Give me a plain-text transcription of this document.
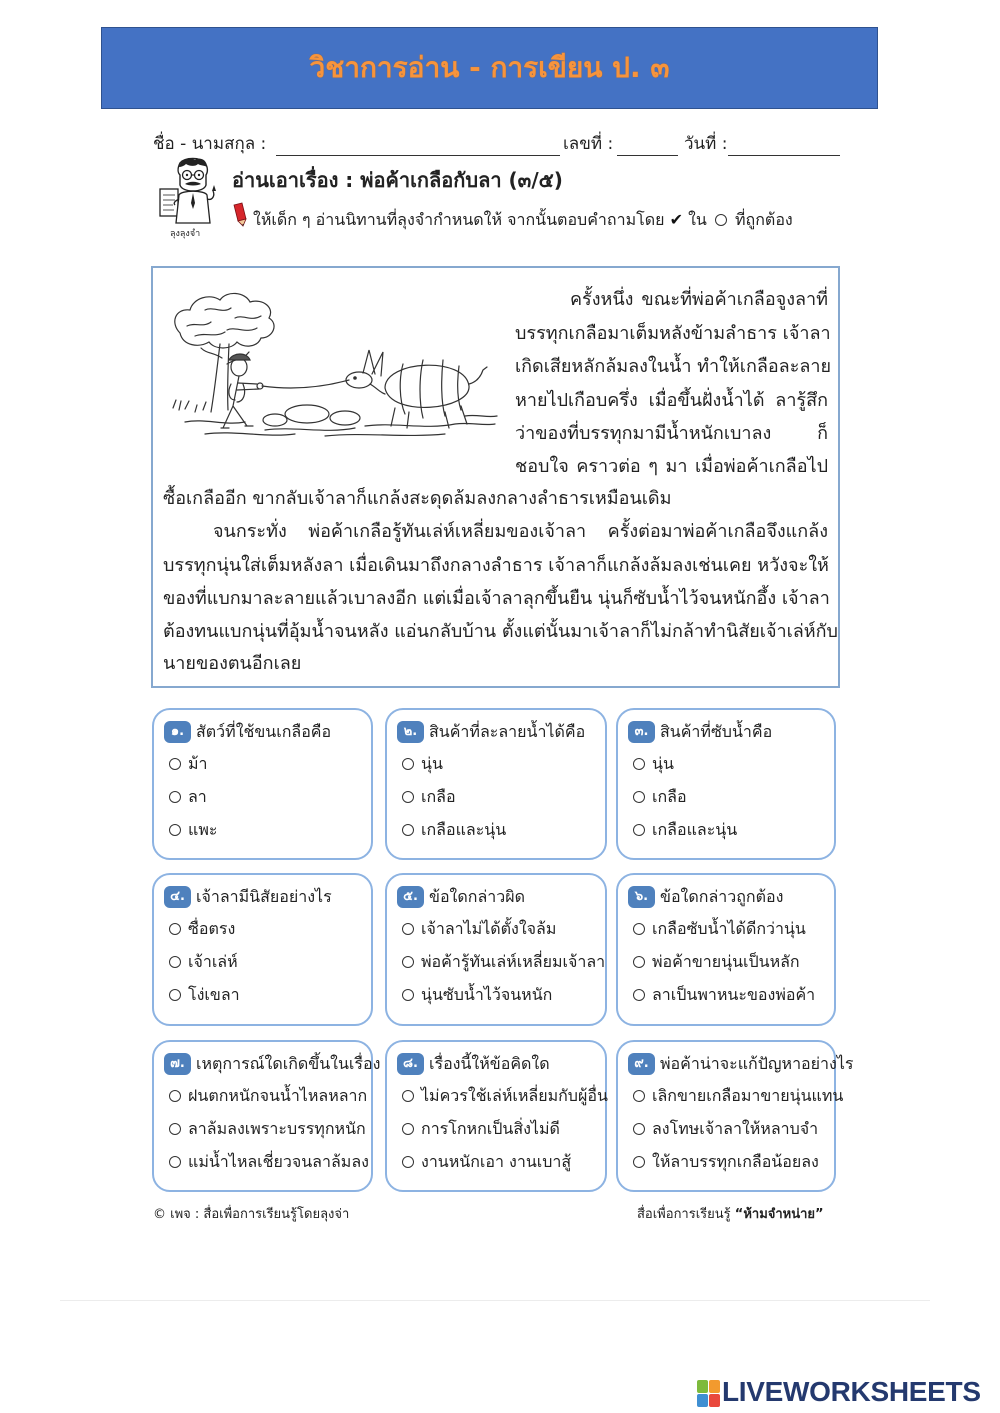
วิชาการอ่าน - การเขียน ป. ๓
ชื่อ - นามสกุล :	เลขที่ :	วันที่ :
ลุงลุงจำ
อ่านเอาเรื่อง : พ่อค้าเกลือกับลา (๓/๕)
ให้เด็ก ๆ อ่านนิทานที่ลุงจำกำหนดให้ จากนั้นตอบคำถามโดย ✔ ใน ที่ถูกต้อง
ครั้งหนึ่ง ขณะที่พ่อค้าเกลือจูงลาที่
บรรทุกเกลือมาเต็มหลังข้ามลำธาร เจ้าลา
เกิดเสียหลักล้มลงในน้ำ ทำให้เกลือละลาย
หายไปเกือบครึ่ง เมื่อขึ้นฝั่งน้ำได้ ลารู้สึก
ว่าของที่บรรทุกมามีน้ำหนักเบาลง ก็
ชอบใจ คราวต่อ ๆ มา เมื่อพ่อค้าเกลือไป
ซื้อเกลืออีก ขากลับเจ้าลาก็แกล้งสะดุดล้มลงกลางลำธารเหมือนเดิม
จนกระทั่ง พ่อค้าเกลือรู้ทันเล่ห์เหลี่ยมของเจ้าลา ครั้งต่อมาพ่อค้าเกลือจึงแกล้ง
บรรทุกนุ่นใส่เต็มหลังลา เมื่อเดินมาถึงกลางลำธาร เจ้าลาก็แกล้งล้มลงเช่นเคย หวังจะให้
ของที่แบกมาละลายแล้วเบาลงอีก แต่เมื่อเจ้าลาลุกขึ้นยืน นุ่นก็ซับน้ำไว้จนหนักอึ้ง เจ้าลา
ต้องทนแบกนุ่นที่อุ้มน้ำจนหลัง แอ่นกลับบ้าน ตั้งแต่นั้นมาเจ้าลาก็ไม่กล้าทำนิสัยเจ้าเล่ห์กับ
นายของตนอีกเลย
๑. สัตว์ที่ใช้ขนเกลือคือ
ม้า
ลา
แพะ
๒. สินค้าที่ละลายน้ำได้คือ
นุ่น
เกลือ
เกลือและนุ่น
๓. สินค้าที่ซับน้ำคือ
นุ่น
เกลือ
เกลือและนุ่น
๔. เจ้าลามีนิสัยอย่างไร
ซื่อตรง
เจ้าเล่ห์
โง่เขลา
๕. ข้อใดกล่าวผิด
เจ้าลาไม่ได้ตั้งใจล้ม
พ่อค้ารู้ทันเล่ห์เหลี่ยมเจ้าลา
นุ่นซับน้ำไว้จนหนัก
๖. ข้อใดกล่าวถูกต้อง
เกลือซับน้ำได้ดีกว่านุ่น
พ่อค้าขายนุ่นเป็นหลัก
ลาเป็นพาหนะของพ่อค้า
๗. เหตุการณ์ใดเกิดขึ้นในเรื่อง
ฝนตกหนักจนน้ำไหลหลาก
ลาล้มลงเพราะบรรทุกหนัก
แม่น้ำไหลเชี่ยวจนลาล้มลง
๘. เรื่องนี้ให้ข้อคิดใด
ไม่ควรใช้เล่ห์เหลี่ยมกับผู้อื่น
การโกหกเป็นสิ่งไม่ดี
งานหนักเอา งานเบาสู้
๙. พ่อค้าน่าจะแก้ปัญหาอย่างไร
เลิกขายเกลือมาขายนุ่นแทน
ลงโทษเจ้าลาให้หลาบจำ
ให้ลาบรรทุกเกลือน้อยลง
© เพจ : สื่อเพื่อการเรียนรู้โดยลุงจ่า	สื่อเพื่อการเรียนรู้ “ห้ามจำหน่าย”
LIVEWORKSHEETS
